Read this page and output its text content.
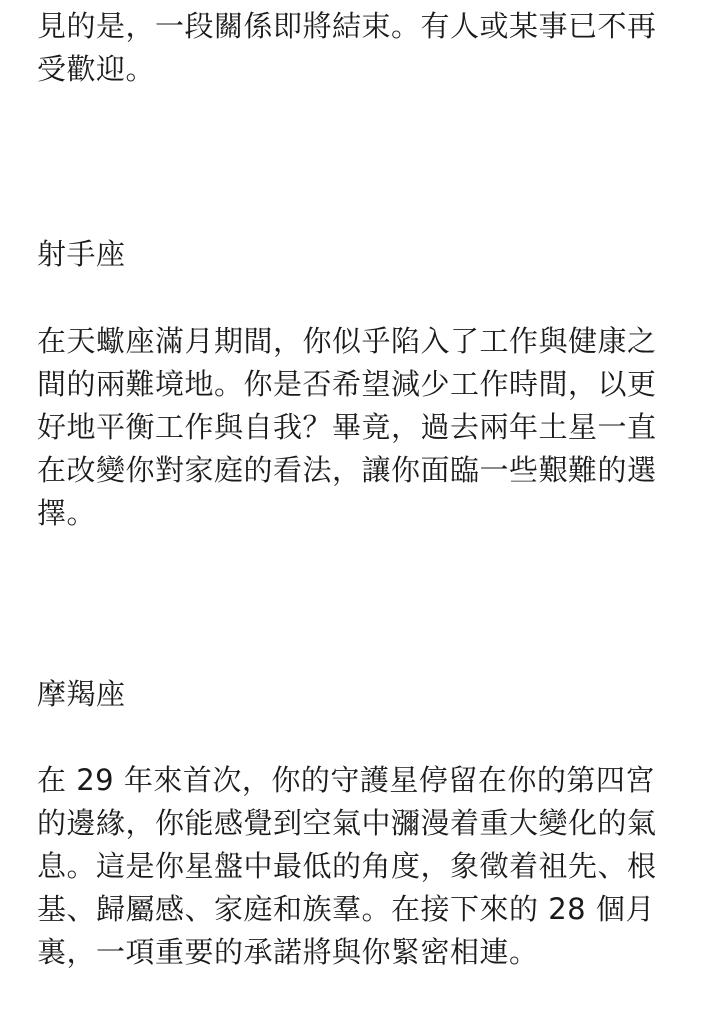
見的是，一段關係即將結束。有人或某事已不再
受歡迎。

射手座

在天蠍座滿月期間，你似乎陷入了工作與健康之
間的兩難境地。你是否希望減少工作時間，以更
好地平衡工作與自我？畢竟，過去兩年土星一直
在改變你對家庭的看法，讓你面臨一些艱難的選
擇。

摩羯座

在 29 年來首次，你的守護星停留在你的第四宮
的邊緣，你能感覺到空氣中瀰漫着重大變化的氣
息。這是你星盤中最低的角度，象徵着祖先、根
基、歸屬感、家庭和族羣。在接下來的 28 個月
裏，一項重要的承諾將與你緊密相連。
